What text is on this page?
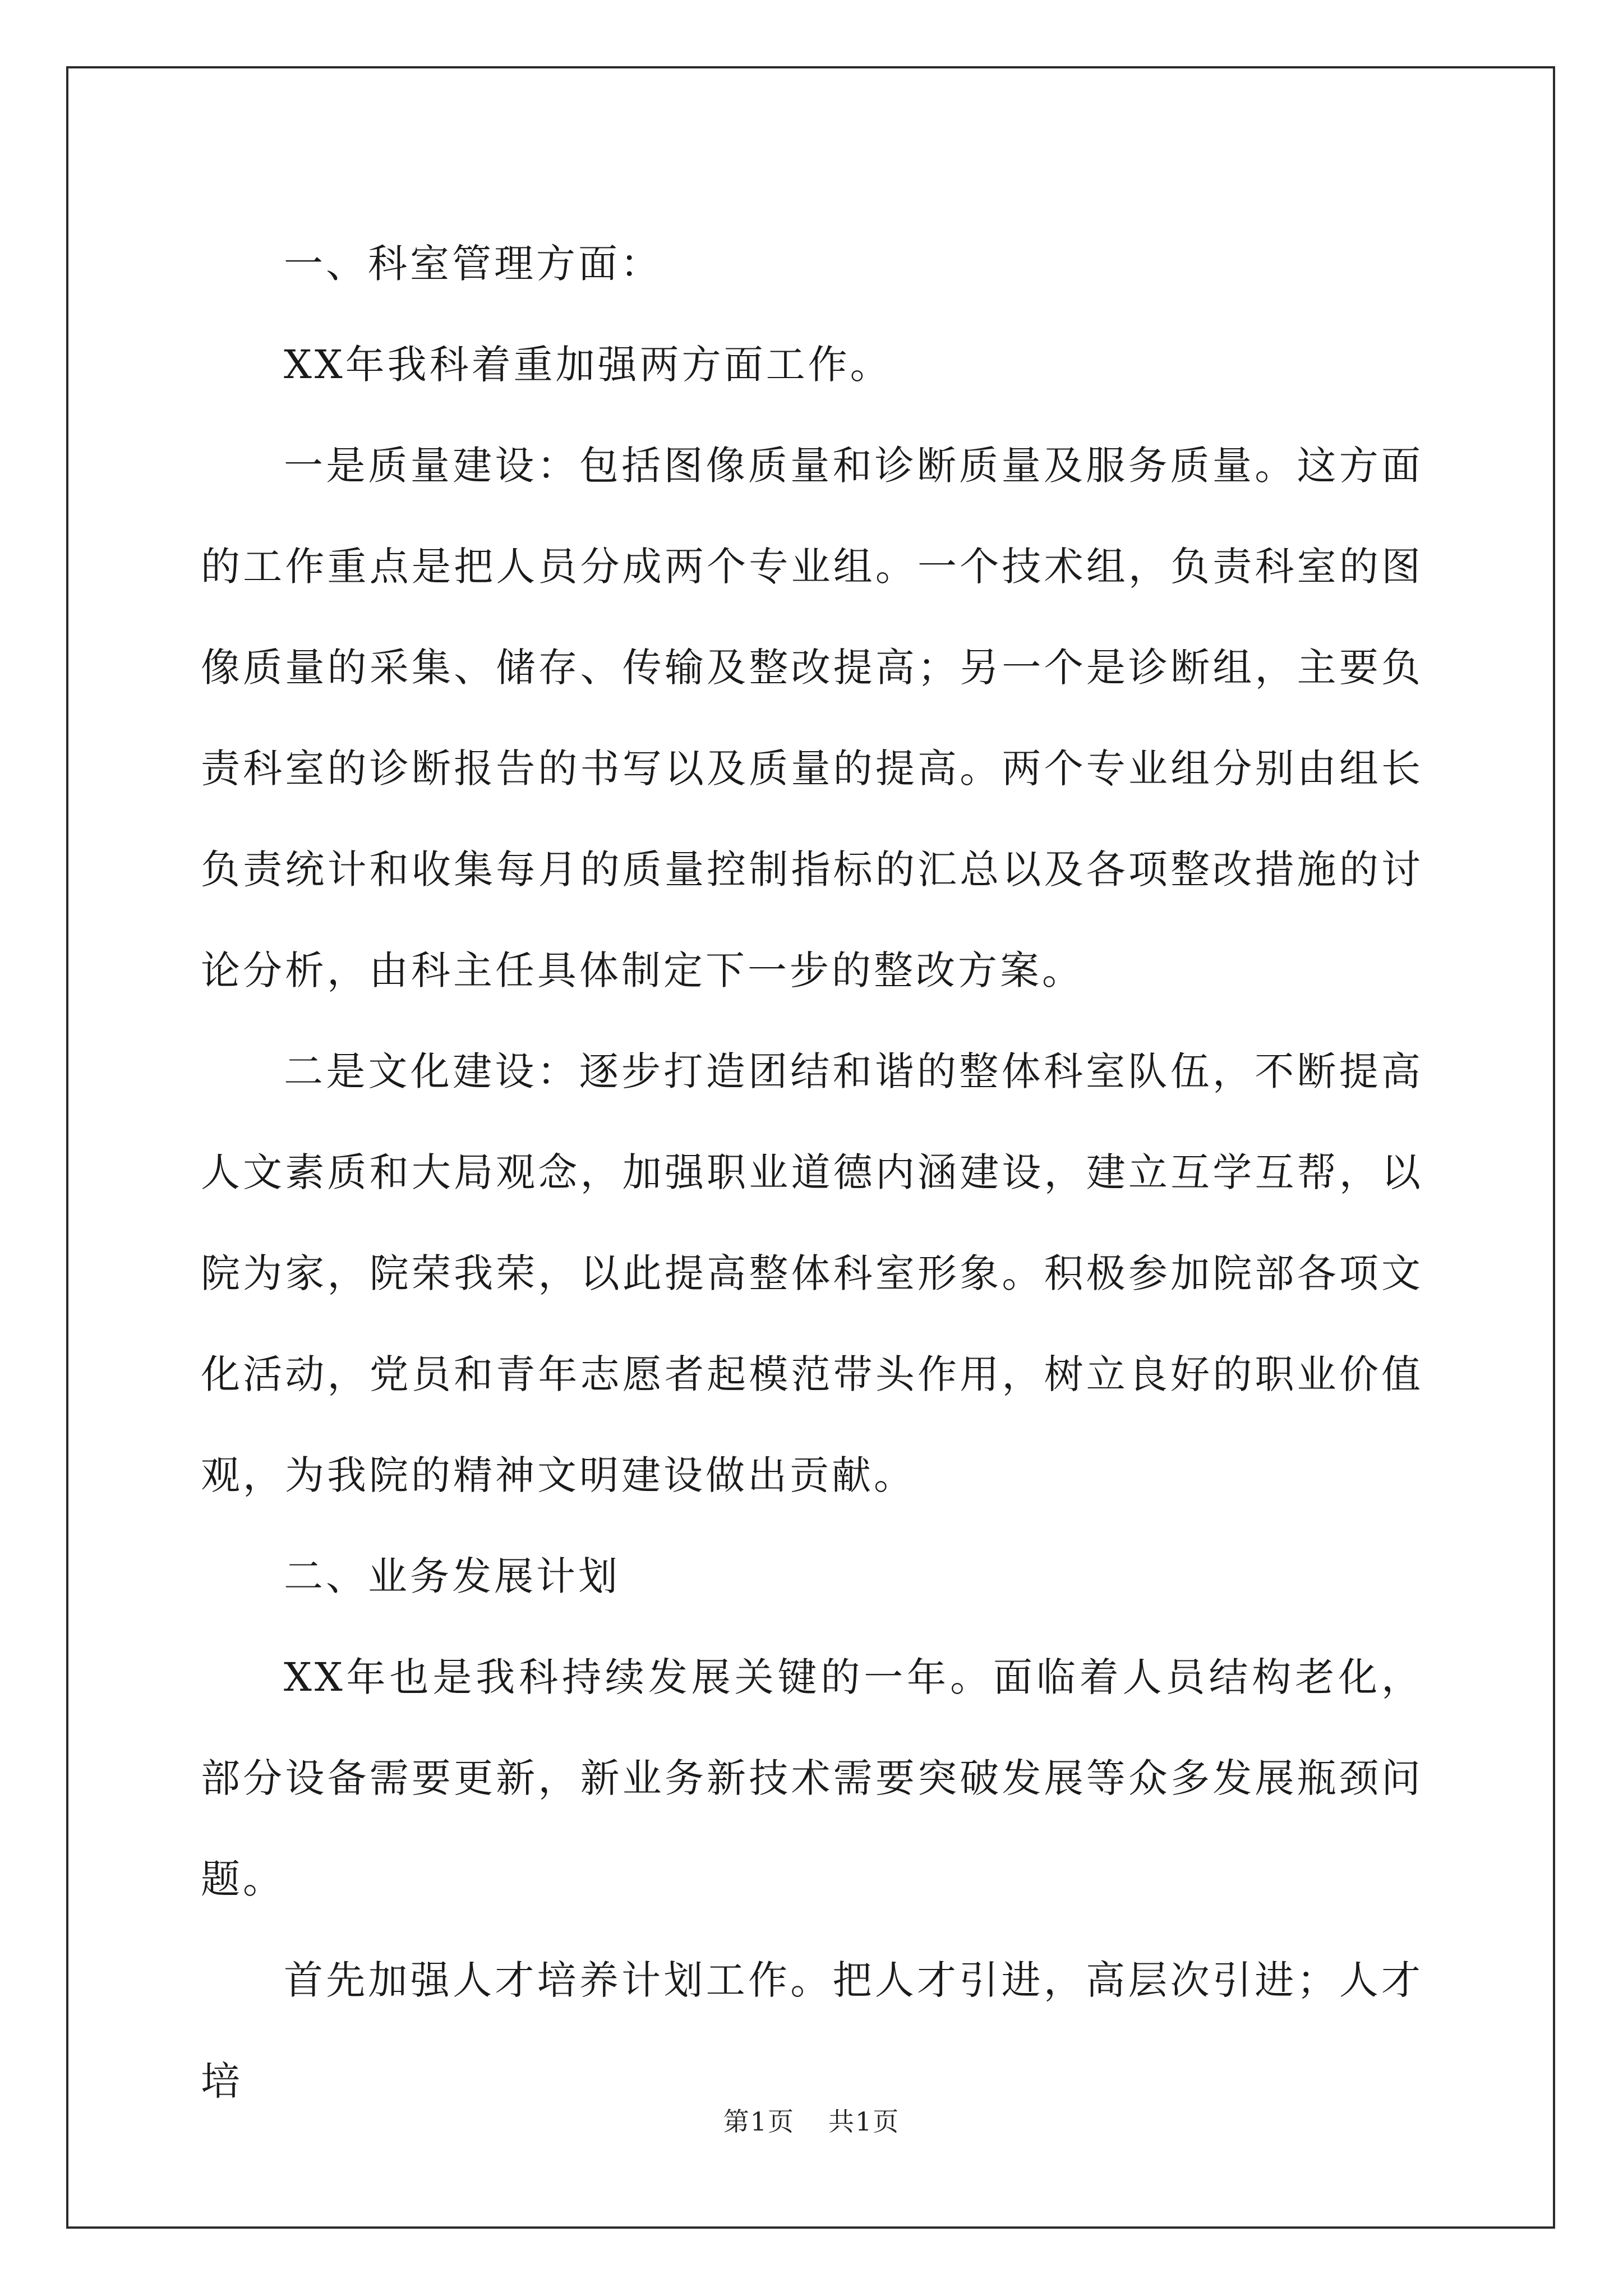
一、科室管理方面：

XX年我科着重加强两方面工作。

一是质量建设：包括图像质量和诊断质量及服务质量。这方面的工作重点是把人员分成两个专业组。一个技术组，负责科室的图像质量的采集、储存、传输及整改提高；另一个是诊断组，主要负责科室的诊断报告的书写以及质量的提高。两个专业组分别由组长负责统计和收集每月的质量控制指标的汇总以及各项整改措施的讨论分析，由科主任具体制定下一步的整改方案。

二是文化建设：逐步打造团结和谐的整体科室队伍，不断提高人文素质和大局观念，加强职业道德内涵建设，建立互学互帮，以院为家，院荣我荣，以此提高整体科室形象。积极参加院部各项文化活动，党员和青年志愿者起模范带头作用，树立良好的职业价值观，为我院的精神文明建设做出贡献。

二、业务发展计划

XX年也是我科持续发展关键的一年。面临着人员结构老化，部分设备需要更新，新业务新技术需要突破发展等众多发展瓶颈问题。

首先加强人才培养计划工作。把人才引进，高层次引进；人才培

第1页 共1页
